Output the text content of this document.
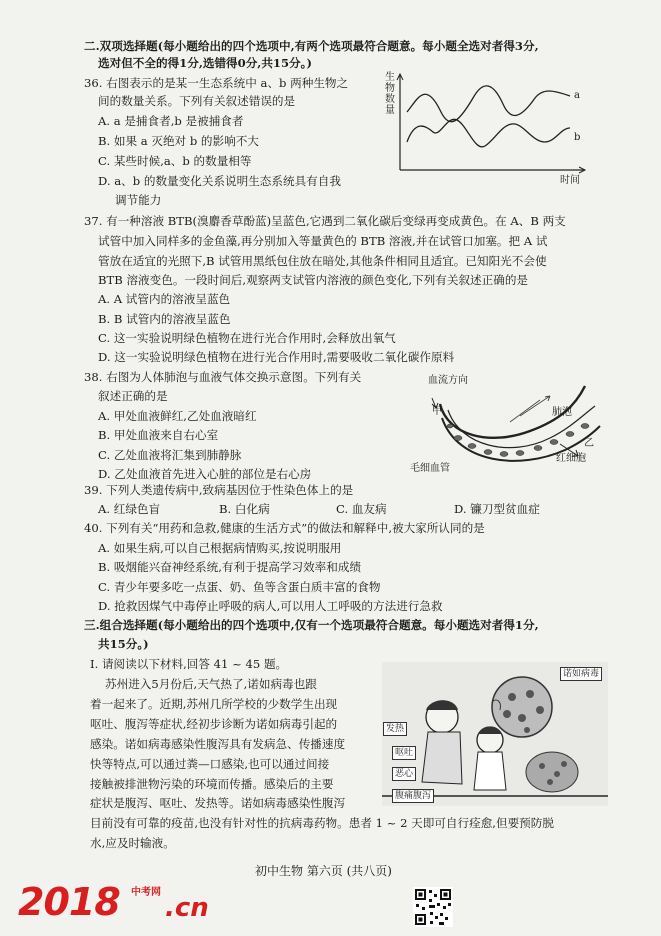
二.双项选择题(每小题给出的四个选项中,有两个选项最符合题意。每小题全选对者得3分,
选对但不全的得1分,选错得0分,共15分。)
36. 右图表示的是某一生态系统中 a、b 两种生物之
间的数量关系。下列有关叙述错误的是
A. a 是捕食者,b 是被捕食者
B. 如果 a 灭绝对 b 的影响不大
C. 某些时候,a、b 的数量相等
D. a、b 的数量变化关系说明生态系统具有自我
调节能力
生物数量
a
b
时间
37. 有一种溶液 BTB(溴麝香草酚蓝)呈蓝色,它遇到二氧化碳后变绿再变成黄色。在 A、B 两支
试管中加入同样多的金鱼藻,再分别加入等量黄色的 BTB 溶液,并在试管口加塞。把 A 试
管放在适宜的光照下,B 试管用黑纸包住放在暗处,其他条件相同且适宜。已知阳光不会使
BTB 溶液变色。一段时间后,观察两支试管内溶液的颜色变化,下列有关叙述正确的是
A. A 试管内的溶液呈蓝色
B. B 试管内的溶液呈蓝色
C. 这一实验说明绿色植物在进行光合作用时,会释放出氧气
D. 这一实验说明绿色植物在进行光合作用时,需要吸收二氧化碳作原料
38. 右图为人体肺泡与血液气体交换示意图。下列有关
叙述正确的是
A. 甲处血液鲜红,乙处血液暗红
B. 甲处血液来自右心室
C. 乙处血液将汇集到肺静脉
D. 乙处血液首先进入心脏的部位是右心房
血流方向
甲	肺泡
乙
红细胞
毛细血管
39. 下列人类遗传病中,致病基因位于性染色体上的是
A. 红绿色盲	B. 白化病	C. 血友病	D. 镰刀型贫血症
40. 下列有关“用药和急救,健康的生活方式”的做法和解释中,被大家所认同的是
A. 如果生病,可以自己根据病情购买,按说明服用
B. 吸烟能兴奋神经系统,有利于提高学习效率和成绩
C. 青少年要多吃一点蛋、奶、鱼等含蛋白质丰富的食物
D. 抢救因煤气中毒停止呼吸的病人,可以用人工呼吸的方法进行急救
三.组合选择题(每小题给出的四个选项中,仅有一个选项最符合题意。每小题选对者得1分,
共15分。)
Ⅰ. 请阅读以下材料,回答 41 ~ 45 题。
苏州进入5月份后,天气热了,诺如病毒也跟
着一起来了。近期,苏州几所学校的少数学生出现
呕吐、腹泻等症状,经初步诊断为诺如病毒引起的
感染。诺如病毒感染性腹泻具有发病急、传播速度
快等特点,可以通过粪—口感染,也可以通过间接
接触被排泄物污染的环境而传播。感染后的主要
症状是腹泻、呕吐、发热等。诺如病毒感染性腹泻
目前没有可靠的疫苗,也没有针对性的抗病毒药物。患者 1 ~ 2 天即可自行痊愈,但要预防脱
水,应及时输液。
诺如病毒
发热
呕吐
恶心
腹痛腹泻
初中生物 第六页 (共八页)
2018 中考网
.cn
